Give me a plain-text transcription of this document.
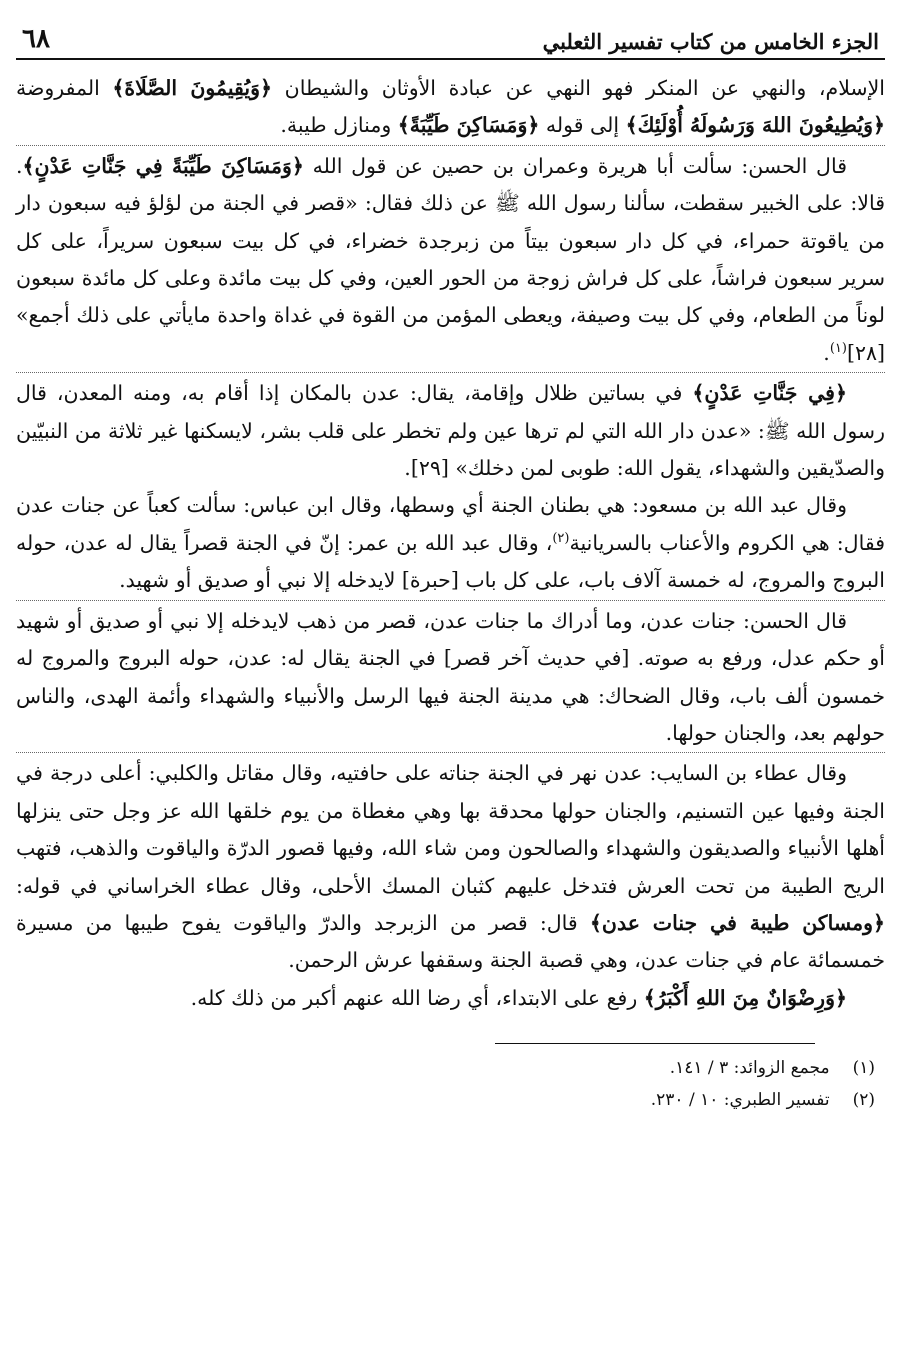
الجزء الخامس من كتاب تفسير الثعلبي
٦٨

الإسلام، والنهي عن المنكر فهو النهي عن عبادة الأوثان والشيطان ﴿وَيُقِيمُونَ الصَّلَاةَ﴾ المفروضة ﴿وَيُطِيعُونَ اللهَ وَرَسُولَهُ أُوْلَئِكَ﴾ إلى قوله ﴿وَمَسَاكِنَ طَيِّبَةً﴾ ومنازل طيبة.

قال الحسن: سألت أبا هريرة وعمران بن حصين عن قول الله ﴿وَمَسَاكِنَ طَيِّبَةً فِي جَنَّاتِ عَدْنٍ﴾. قالا: على الخبير سقطت، سألنا رسول الله ﷺ عن ذلك فقال: «قصر في الجنة من لؤلؤ فيه سبعون دار من ياقوتة حمراء، في كل دار سبعون بيتاً من زبرجدة خضراء، في كل بيت سبعون سريراً، على كل سرير سبعون فراشاً، على كل فراش زوجة من الحور العين، وفي كل بيت مائدة وعلى كل مائدة سبعون لوناً من الطعام، وفي كل بيت وصيفة، ويعطى المؤمن من القوة في غداة واحدة مايأتي على ذلك أجمع» [٢٨]$^{(١)}$.

﴿فِي جَنَّاتِ عَدْنٍ﴾ في بساتين ظلال وإقامة، يقال: عدن بالمكان إذا أقام به، ومنه المعدن، قال رسول الله ﷺ: «عدن دار الله التي لم ترها عين ولم تخطر على قلب بشر، لايسكنها غير ثلاثة من النبيّين والصدّيقين والشهداء، يقول الله: طوبى لمن دخلك» [٢٩].

وقال عبد الله بن مسعود: هي بطنان الجنة أي وسطها، وقال ابن عباس: سألت كعباً عن جنات عدن فقال: هي الكروم والأعناب بالسريانية$^{(٢)}$، وقال عبد الله بن عمر: إنّ في الجنة قصراً يقال له عدن، حوله البروج والمروج، له خمسة آلاف باب، على كل باب [حبرة] لايدخله إلا نبي أو صديق أو شهيد.

قال الحسن: جنات عدن، وما أدراك ما جنات عدن، قصر من ذهب لايدخله إلا نبي أو صديق أو شهيد أو حكم عدل، ورفع به صوته. [في حديث آخر قصر] في الجنة يقال له: عدن، حوله البروج والمروج له خمسون ألف باب، وقال الضحاك: هي مدينة الجنة فيها الرسل والأنبياء والشهداء وأئمة الهدى، والناس حولهم بعد، والجنان حولها.

وقال عطاء بن السايب: عدن نهر في الجنة جناته على حافتيه، وقال مقاتل والكلبي: أعلى درجة في الجنة وفيها عين التسنيم، والجنان حولها محدقة بها وهي مغطاة من يوم خلقها الله عز وجل حتى ينزلها أهلها الأنبياء والصديقون والشهداء والصالحون ومن شاء الله، وفيها قصور الدرّة والياقوت والذهب، فتهب الريح الطيبة من تحت العرش فتدخل عليهم كثبان المسك الأحلى، وقال عطاء الخراساني في قوله: ﴿ومساكن طيبة في جنات عدن﴾ قال: قصر من الزبرجد والدرّ والياقوت يفوح طيبها من مسيرة خمسمائة عام في جنات عدن، وهي قصبة الجنة وسقفها عرش الرحمن.

﴿وَرِضْوَانٌ مِنَ اللهِ أَكْبَرُ﴾ رفع على الابتداء، أي رضا الله عنهم أكبر من ذلك كله.

(١) مجمع الزوائد: ٣ / ١٤١.

(٢) تفسير الطبري: ١٠ / ٢٣٠.
